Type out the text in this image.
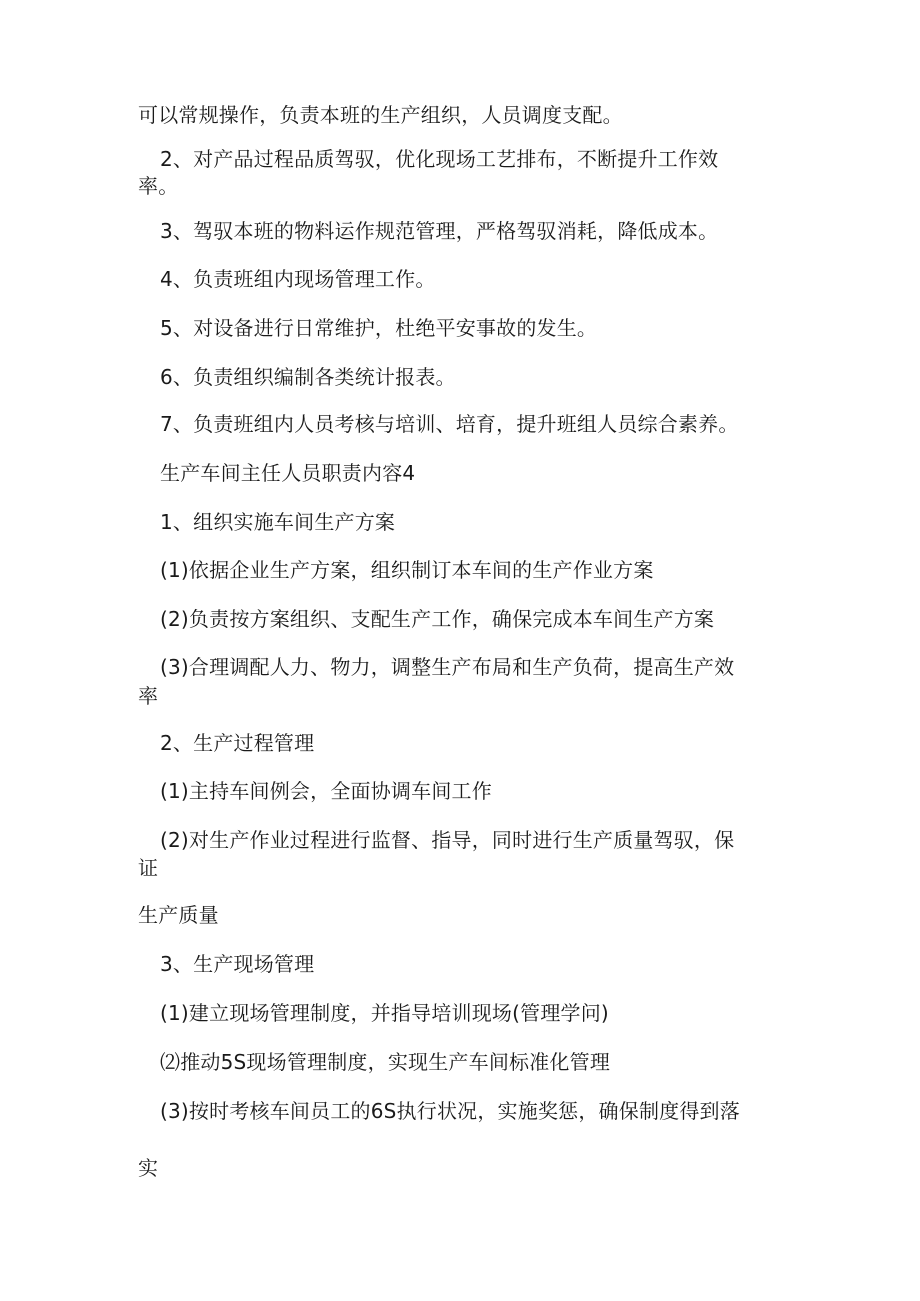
可以常规操作，负责本班的生产组织，人员调度支配。
2、对产品过程品质驾驭，优化现场工艺排布，不断提升工作效
率。
3、驾驭本班的物料运作规范管理，严格驾驭消耗，降低成本。
4、负责班组内现场管理工作。
5、对设备进行日常维护，杜绝平安事故的发生。
6、负责组织编制各类统计报表。
7、负责班组内人员考核与培训、培育，提升班组人员综合素养。
生产车间主任人员职责内容4
1、组织实施车间生产方案
(1)依据企业生产方案，组织制订本车间的生产作业方案
(2)负责按方案组织、支配生产工作，确保完成本车间生产方案
(3)合理调配人力、物力，调整生产布局和生产负荷，提高生产效
率
2、生产过程管理
(1)主持车间例会，全面协调车间工作
(2)对生产作业过程进行监督、指导，同时进行生产质量驾驭，保
证
生产质量
3、生产现场管理
(1)建立现场管理制度，并指导培训现场(管理学问)
⑵推动5S现场管理制度，实现生产车间标准化管理
(3)按时考核车间员工的6S执行状况，实施奖惩，确保制度得到落
实
